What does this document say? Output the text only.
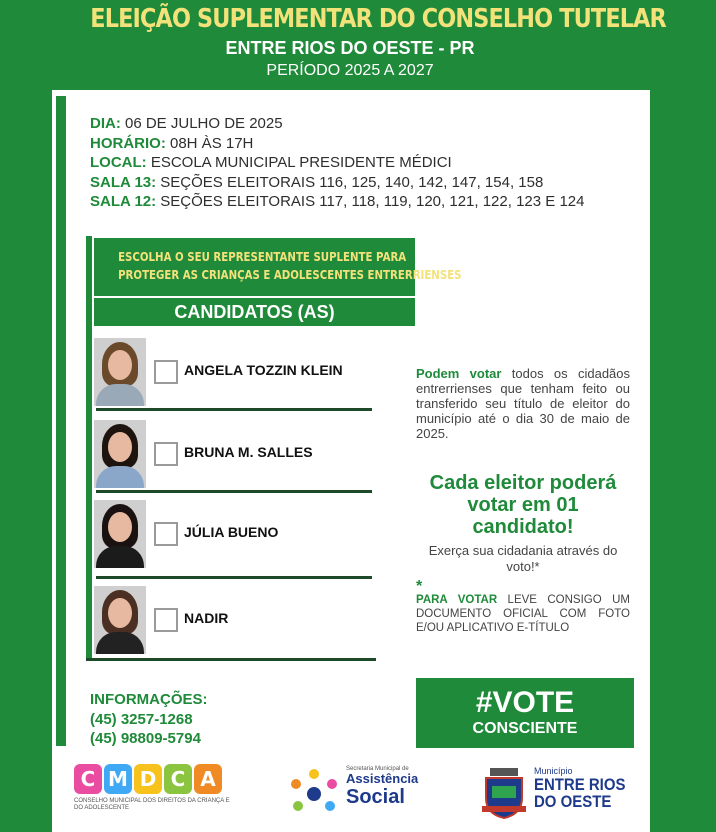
ELEIÇÃO SUPLEMENTAR DO CONSELHO TUTELAR
ENTRE RIOS DO OESTE - PR
PERÍODO 2025 A 2027
DIA: 06 DE JULHO DE 2025
HORÁRIO: 08H ÀS 17H
LOCAL: ESCOLA MUNICIPAL PRESIDENTE MÉDICI
SALA 13: SEÇÕES ELEITORAIS 116, 125, 140, 142, 147, 154, 158
SALA 12: SEÇÕES ELEITORAIS 117, 118, 119, 120, 121, 122, 123 E 124
ESCOLHA O SEU REPRESENTANTE SUPLENTE PARA
PROTEGER AS CRIANÇAS E ADOLESCENTES ENTRERRIENSES
CANDIDATOS (AS)
ANGELA TOZZIN KLEIN
BRUNA M. SALLES
JÚLIA BUENO
NADIR
Podem votar todos os cidadãos entrerrienses que tenham feito ou transferido seu título de eleitor do município até o dia 30 de maio de 2025.
Cada eleitor poderá votar em 01 candidato!
Exerça sua cidadania através do voto!*
*
PARA VOTAR LEVE CONSIGO UM DOCUMENTO OFICIAL COM FOTO E/OU APLICATIVO E-TÍTULO
INFORMAÇÕES:
(45) 3257-1268
(45) 98809-5794
#VOTE
CONSCIENTE
C M D C A
CONSELHO MUNICIPAL DOS DIREITOS DA CRIANÇA E DO ADOLESCENTE
Secretaria Municipal de
Assistência
Social
Município
ENTRE RIOS
DO OESTE
